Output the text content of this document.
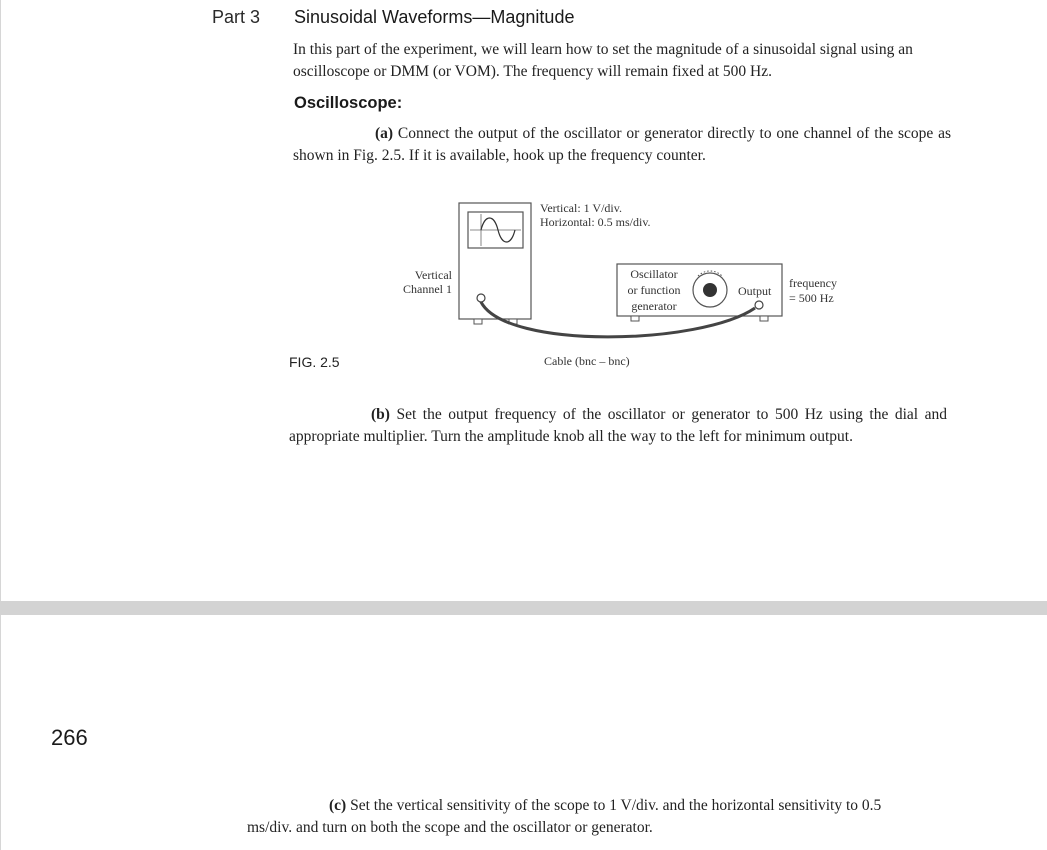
Part 3 Sinusoidal Waveforms—Magnitude
In this part of the experiment, we will learn how to set the magnitude of a sinusoidal signal using an oscilloscope or DMM (or VOM). The frequency will remain fixed at 500 Hz.
Oscilloscope:
(a) Connect the output of the oscillator or generator directly to one channel of the scope as shown in Fig. 2.5. If it is available, hook up the frequency counter.
Vertical: 1 V/div.
Horizontal: 0.5 ms/div.
Vertical
Channel 1
Oscillator
or function
generator
Output
frequency
= 500 Hz
Cable (bnc – bnc)
FIG. 2.5
(b) Set the output frequency of the oscillator or generator to 500 Hz using the dial and appropriate multiplier. Turn the amplitude knob all the way to the left for minimum output.
266
(c) Set the vertical sensitivity of the scope to 1 V/div. and the horizontal sensitivity to 0.5 ms/div. and turn on both the scope and the oscillator or generator.
